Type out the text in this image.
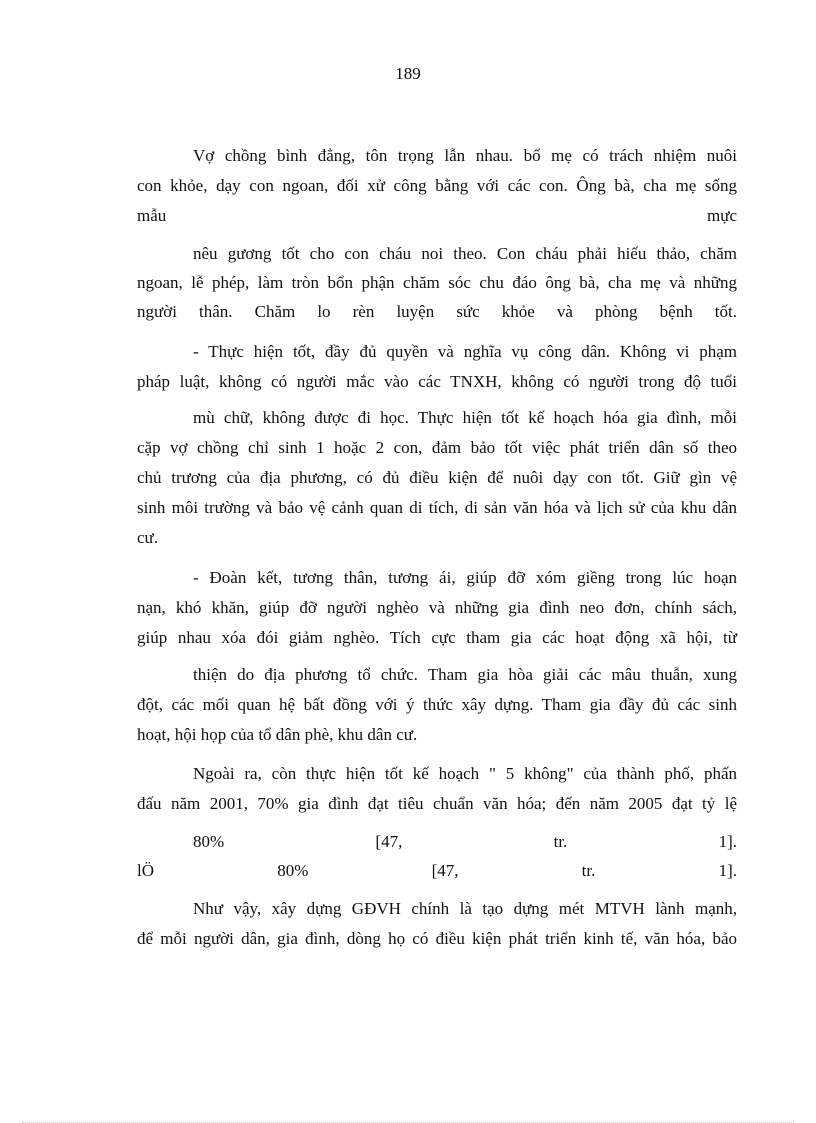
189
Vợ chồng bình đẳng, tôn trọng lẫn nhau. bố mẹ có trách nhiệm nuôi
con khỏe, dạy con ngoan, đối xử công bằng với các con. Ông bà, cha mẹ sống
mẫu mực
nêu gương tốt cho con cháu noi theo. Con cháu phải hiếu thảo, chăm
ngoan, lễ phép, làm tròn bổn phận chăm sóc chu đáo ông bà, cha mẹ và những
người thân. Chăm lo rèn luyện sức khỏe và phòng bệnh tốt.
- Thực hiện tốt, đầy đủ quyền và nghĩa vụ công dân. Không vi phạm
pháp luật, không có người mắc vào các TNXH, không có người trong độ tuổi
mù chữ, không được đi học. Thực hiện tốt kế hoạch hóa gia đình, mỗi
cặp vợ chồng chỉ sinh 1 hoặc 2 con, đảm bảo tốt việc phát triển dân số theo
chủ trương của địa phương, có đủ điều kiện để nuôi dạy con tốt. Giữ gìn vệ
sinh môi trường và bảo vệ cảnh quan di tích, di sản văn hóa và lịch sử của khu dân
cư.
- Đoàn kết, tương thân, tương ái, giúp đỡ xóm giềng trong lúc hoạn
nạn, khó khăn, giúp đỡ người nghèo và những gia đình neo đơn, chính sách,
giúp nhau xóa đói giảm nghèo. Tích cực tham gia các hoạt động xã hội, từ
thiện do địa phương tổ chức. Tham gia hòa giải các mâu thuẫn, xung
đột, các mối quan hệ bất đồng với ý thức xây dựng. Tham gia đầy đủ các sinh
hoạt, hội họp của tổ dân phè, khu dân cư.
Ngoài ra, còn thực hiện tốt kế hoạch " 5 không" của thành phố, phấn
đấu năm 2001, 70% gia đình đạt tiêu chuẩn văn hóa; đến năm 2005 đạt tỷ lệ
80% [47, tr. 1].
lÖ 80% [47, tr. 1].
Như vậy, xây dựng GĐVH chính là tạo dựng mét MTVH lành mạnh,
để mỗi người dân, gia đình, dòng họ có điều kiện phát triển kinh tế, văn hóa, bảo
